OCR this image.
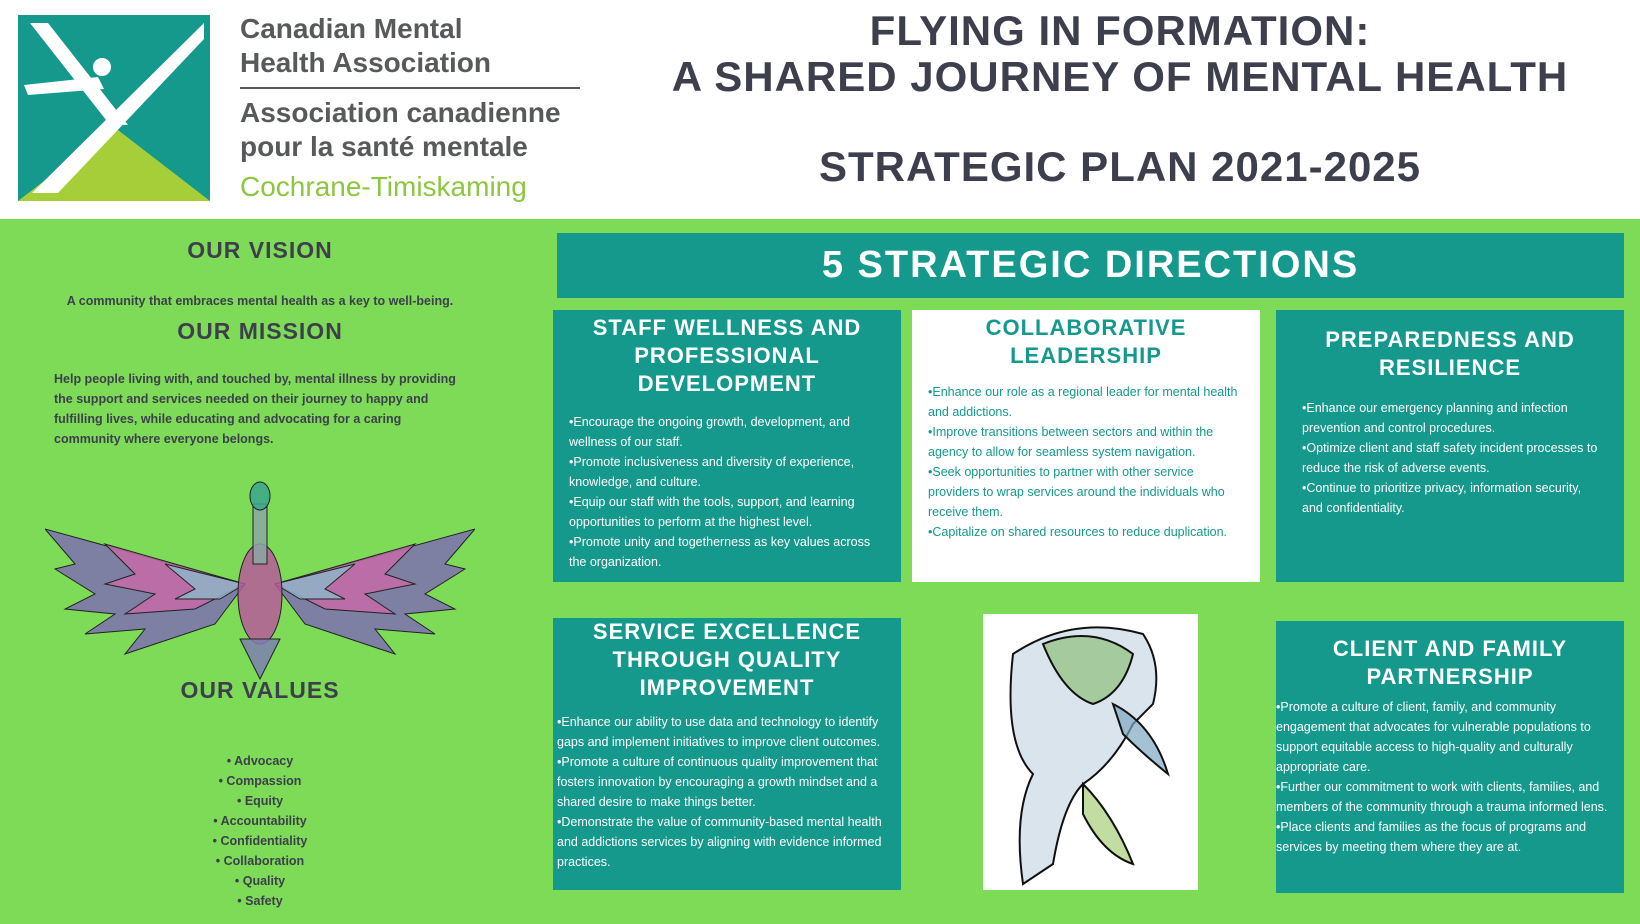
Canadian Mental
Health Association
Association canadienne
pour la santé mentale
Cochrane-Timiskaming
FLYING IN FORMATION:
A SHARED JOURNEY OF MENTAL HEALTH
STRATEGIC PLAN 2021-2025
OUR VISION
A community that embraces mental health as a key to well-being.
OUR MISSION
Help people living with, and touched by, mental illness by providing the support and services needed on their journey to happy and fulfilling lives, while educating and advocating for a caring community where everyone belongs.
OUR VALUES
• Advocacy
• Compassion
• Equity
• Accountability
• Confidentiality
• Collaboration
• Quality
• Safety
5 STRATEGIC DIRECTIONS
STAFF WELLNESS AND PROFESSIONAL DEVELOPMENT
• Encourage the ongoing growth, development, and wellness of our staff.
• Promote inclusiveness and diversity of experience, knowledge, and culture.
• Equip our staff with the tools, support, and learning opportunities to perform at the highest level.
• Promote unity and togetherness as key values across the organization.
COLLABORATIVE LEADERSHIP
• Enhance our role as a regional leader for mental health and addictions.
• Improve transitions between sectors and within the agency to allow for seamless system navigation.
• Seek opportunities to partner with other service providers to wrap services around the individuals who receive them.
• Capitalize on shared resources to reduce duplication.
PREPAREDNESS AND RESILIENCE
• Enhance our emergency planning and infection prevention and control procedures.
• Optimize client and staff safety incident processes to reduce the risk of adverse events.
• Continue to prioritize privacy, information security, and confidentiality.
SERVICE EXCELLENCE THROUGH QUALITY IMPROVEMENT
• Enhance our ability to use data and technology to identify gaps and implement initiatives to improve client outcomes.
• Promote a culture of continuous quality improvement that fosters innovation by encouraging a growth mindset and a shared desire to make things better.
• Demonstrate the value of community-based mental health and addictions services by aligning with evidence informed practices.
CLIENT AND FAMILY PARTNERSHIP
• Promote a culture of client, family, and community engagement that advocates for vulnerable populations to support equitable access to high-quality and culturally appropriate care.
• Further our commitment to work with clients, families, and members of the community through a trauma informed lens.
• Place clients and families as the focus of programs and services by meeting them where they are at.
